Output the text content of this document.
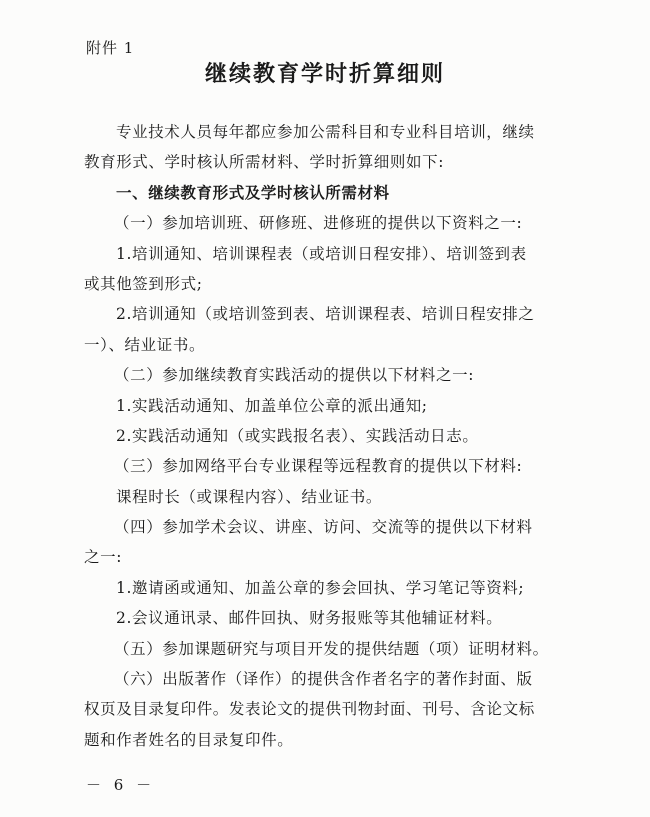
附件 1
继续教育学时折算细则
专业技术人员每年都应参加公需科目和专业科目培训，继续
教育形式、学时核认所需材料、学时折算细则如下:
一、继续教育形式及学时核认所需材料
（一）参加培训班、研修班、进修班的提供以下资料之一:
1.培训通知、培训课程表（或培训日程安排）、培训签到表
或其他签到形式;
2.培训通知（或培训签到表、培训课程表、培训日程安排之
一）、结业证书。
（二）参加继续教育实践活动的提供以下材料之一:
1.实践活动通知、加盖单位公章的派出通知;
2.实践活动通知（或实践报名表）、实践活动日志。
（三）参加网络平台专业课程等远程教育的提供以下材料:
课程时长（或课程内容）、结业证书。
（四）参加学术会议、讲座、访问、交流等的提供以下材料
之一:
1.邀请函或通知、加盖公章的参会回执、学习笔记等资料;
2.会议通讯录、邮件回执、财务报账等其他辅证材料。
（五）参加课题研究与项目开发的提供结题（项）证明材料。
（六）出版著作（译作）的提供含作者名字的著作封面、版
权页及目录复印件。发表论文的提供刊物封面、刊号、含论文标
题和作者姓名的目录复印件。
－ 6 －
